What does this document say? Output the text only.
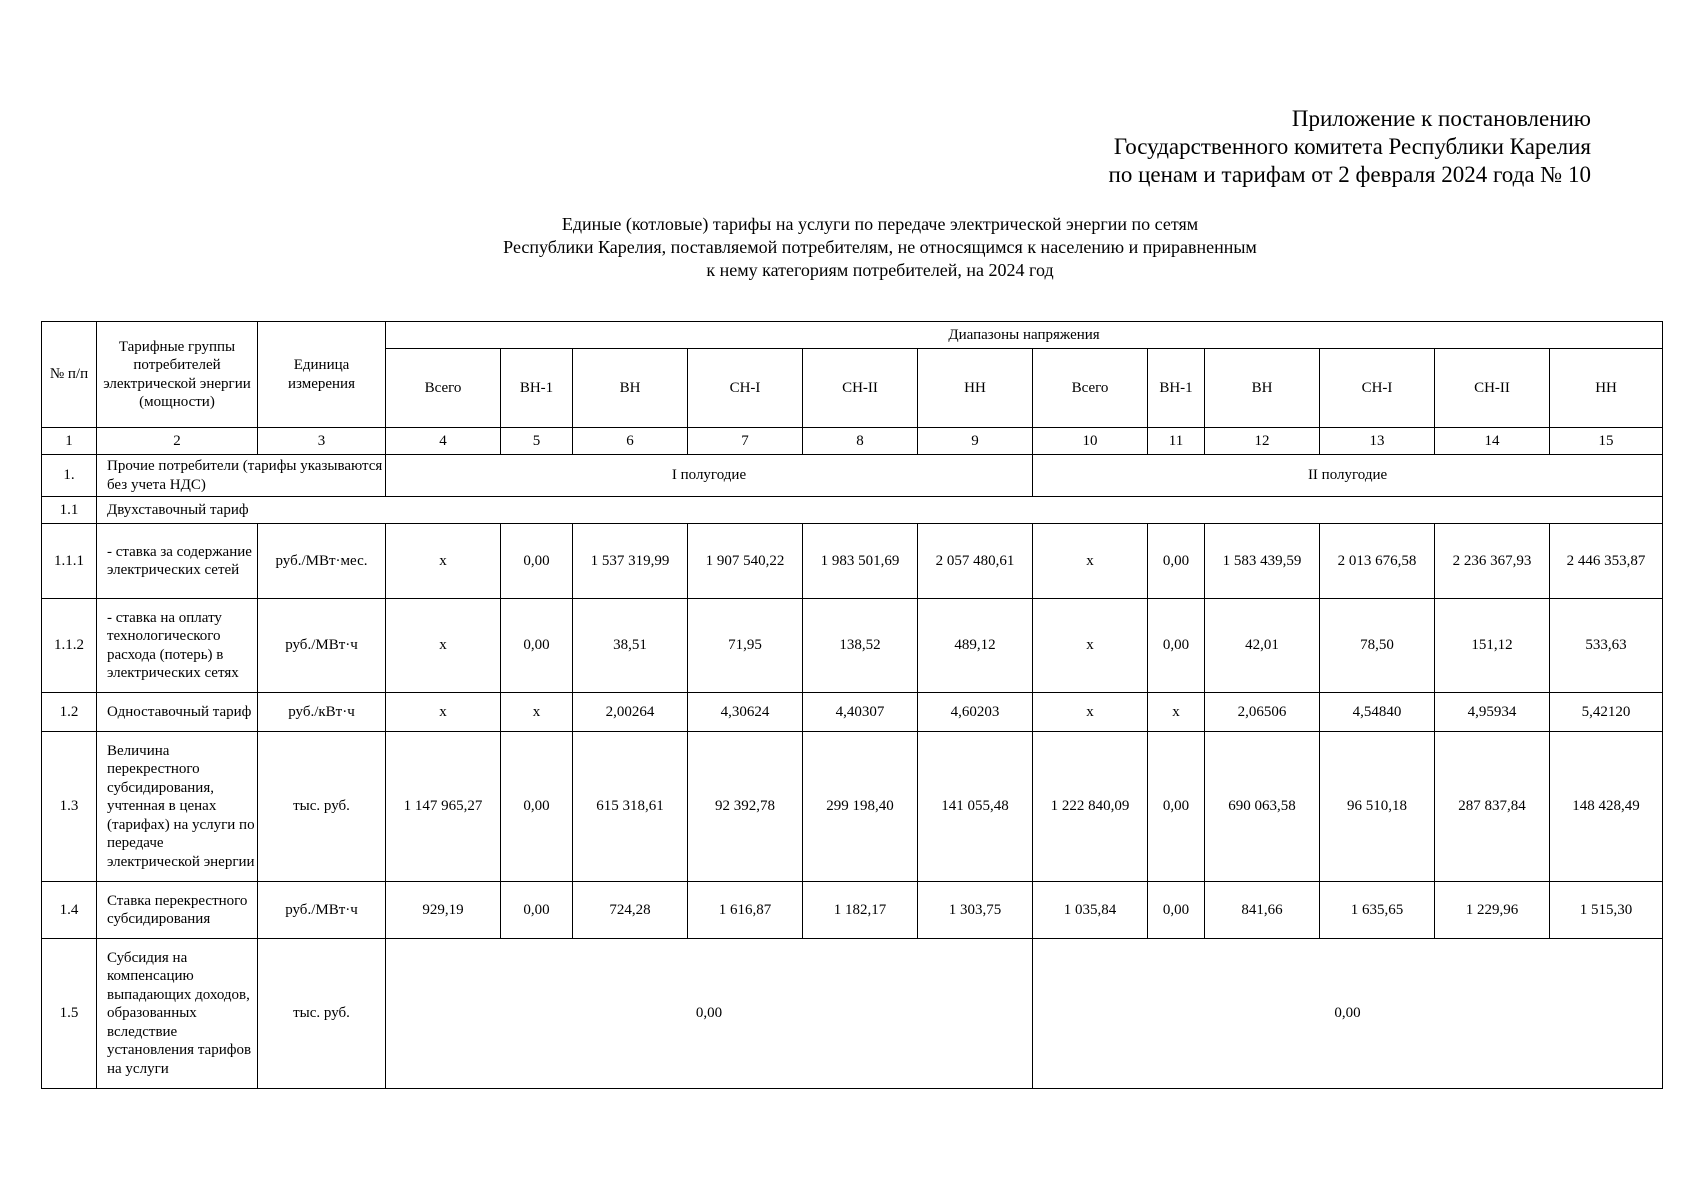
Приложение к постановлению
Государственного комитета Республики Карелия
по ценам и тарифам от 2 февраля 2024 года № 10
Единые (котловые) тарифы на услуги по передаче электрической энергии по сетям
Республики Карелия, поставляемой потребителям, не относящимся к населению и приравненным
к нему категориям потребителей, на 2024 год
№ п/п	Тарифные группы потребителей электрической энергии (мощности)	Единица измерения	Диапазоны напряжения											
			Всего	ВН-1	ВН	СН-I	СН-II	НН	Всего	ВН-1	ВН	СН-I	СН-II	НН
1	2	3	4	5	6	7	8	9	10	11	12	13	14	15
1.	Прочие потребители (тарифы указываются без учета НДС)		I полугодие						II полугодие					
1.1	Двухставочный тариф													
1.1.1	- ставка за содержание электрических сетей	руб./МВт·мес.	х	0,00	1 537 319,99	1 907 540,22	1 983 501,69	2 057 480,61	х	0,00	1 583 439,59	2 013 676,58	2 236 367,93	2 446 353,87
1.1.2	- ставка на оплату технологического расхода (потерь) в электрических сетях	руб./МВт·ч	х	0,00	38,51	71,95	138,52	489,12	х	0,00	42,01	78,50	151,12	533,63
1.2	Одноставочный тариф	руб./кВт·ч	х	х	2,00264	4,30624	4,40307	4,60203	х	х	2,06506	4,54840	4,95934	5,42120
1.3	Величина перекрестного субсидирования, учтенная в ценах (тарифах) на услуги по передаче электрической энергии	тыс. руб.	1 147 965,27	0,00	615 318,61	92 392,78	299 198,40	141 055,48	1 222 840,09	0,00	690 063,58	96 510,18	287 837,84	148 428,49
1.4	Ставка перекрестного субсидирования	руб./МВт·ч	929,19	0,00	724,28	1 616,87	1 182,17	1 303,75	1 035,84	0,00	841,66	1 635,65	1 229,96	1 515,30
1.5	Субсидия на компенсацию выпадающих доходов, образованных вследствие установления тарифов на услуги	тыс. руб.	0,00						0,00					
